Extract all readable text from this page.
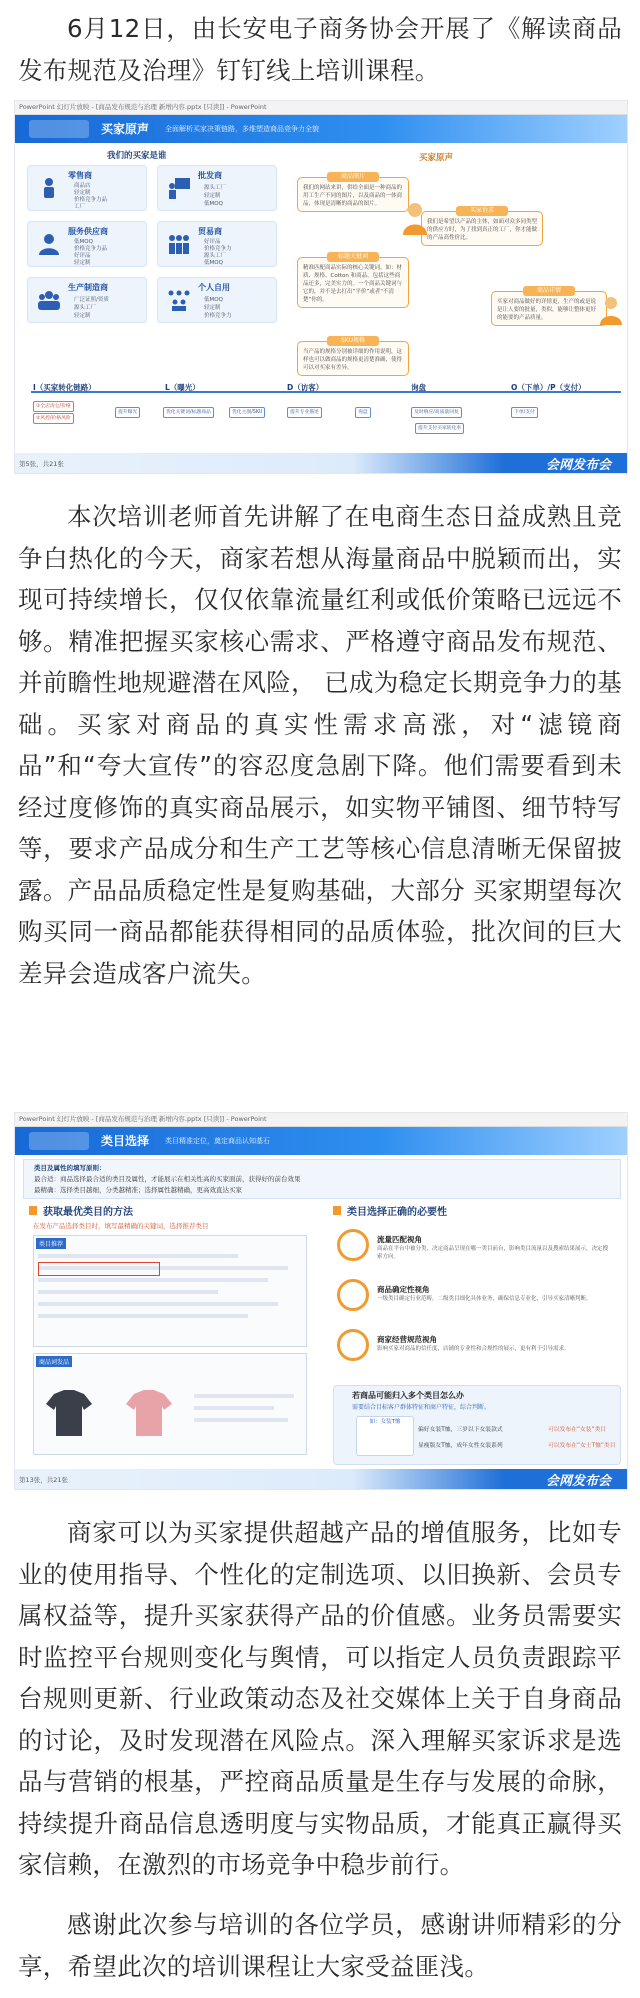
6月12日，由长安电子商务协会开展了《解读商品发布规范及治理》钉钉线上培训课程。

PowerPoint 幻灯片放映 - [商品发布规范与治理 新增内容.pptx [只读]] - PowerPoint
买家原声 全面解析买家决策链路，多维塑造商品竞争力全貌
我们的买家是谁	买家原声
零售商
商品店
轻定制
价格竞争力品
工厂
批发商
源头工厂
轻定制
低MOQ
服务供应商
低MOQ
价格竞争力品
好评品
轻定制
贸易商
好评品
价格竞争力
源头工厂
低MOQ
生产制造商
广泛证照/资质
源头工厂
轻定制
个人自用
低MOQ
轻定制
价格竞争力
商品图片
我们的网站来讲，供给全面是一种商品的用工生产不同的图片，以及商品的一体商品，体现是清晰的商品的图片。
标题关键词
精准匹配商品实际的核心关键词，如：材质、规格、Cotton 和商品，包括这些商品还多，完美实力的。一个商品关键词与它的，并不是去打出“平价”或者“不清楚”你的。
SKU规格
当产品的规格分别被详细的作用说明，这样也可以做商品的规格更清楚准确，使得可以对买家有差异。
买家诉求
我们是希望以产品的主体，如面对众多同类型的供应方时，为了找到真正的工厂，你才能做的产品高性价比。
商品详情
买家对商品做好的详情更，生产的或是说是让人要的批量，类似，能够让整体更好的能要的产品质量。
I（买家转化链路）	L（曝光）	D（访客）	询盘	O（下单）/P（支付）
①全店清仓/价格
②风控/价格风险
提升曝光	优化关键词/标题商品	优化主图/SKU	提升专业描述	询盘	及时响应/高质量回复	下单/支付
提升支付买家转化率
第5张，共21张	会网发布会

本次培训老师首先讲解了在电商生态日益成熟且竞争白热化的今天，商家若想从海量商品中脱颖而出，实现可持续增长，仅仅依靠流量红利或低价策略已远远不够。精准把握买家核心需求、严格遵守商品发布规范、并前瞻性地规避潜在风险， 已成为稳定长期竞争力的基础。买家对商品的真实性需求高涨，对“滤镜商品”和“夸大宣传”的容忍度急剧下降。他们需要看到未经过度修饰的真实商品展示，如实物平铺图、细节特写等，要求产品成分和生产工艺等核心信息清晰无保留披露。产品品质稳定性是复购基础，大部分 买家期望每次购买同一商品都能获得相同的品质体验，批次间的巨大差异会造成客户流失。

PowerPoint 幻灯片放映 - [商品发布规范与治理 新增内容.pptx [只读]] - PowerPoint
类目选择 类目精准定位，奠定商品认知基石
类目及属性的填写原则：
最合适：商品选择最合适的类目及属性，才能展示在相关性高的买家面前，获得好的前台效果
最精确：选择类目越细，分类越精准；选择属性越精确，更高效直达买家
获取最优类目的方法
在发布产品选择类目时，填写最精确的关键词，选择推荐类目
类目推荐
商品词发品
类目选择正确的必要性
流量匹配视角
商品在平台中被分类，决定商品呈现在哪一类目前台，影响类目流量以及搜索结果展示，决定搜索方向。
商品确定性视角
一级类目确定行业范畴，二级类目细化具体业务，确保信息专业化，引导买家清晰判断。
商家经营规范视角
影响买家对商品的信任度，店铺的专业性和合规性的展示，更有利于引导需求。
若商品可能归入多个类目怎么办
需要结合目标客户群体特征和商户特征，综合判断。
如：女装T恤
偏好女装T恤，三岁以下女装款式
显瘦版女T恤，成年女性女装系列
可以发布在“女装”类目
可以发布在“女士T恤”类目
第13张，共21张	会网发布会

商家可以为买家提供超越产品的增值服务，比如专业的使用指导、个性化的定制选项、以旧换新、会员专属权益等，提升买家获得产品的价值感。业务员需要实时监控平台规则变化与舆情，可以指定人员负责跟踪平台规则更新、行业政策动态及社交媒体上关于自身商品的讨论，及时发现潜在风险点。深入理解买家诉求是选品与营销的根基，严控商品质量是生存与发展的命脉，持续提升商品信息透明度与实物品质，才能真正赢得买家信赖，在激烈的市场竞争中稳步前行。

感谢此次参与培训的各位学员，感谢讲师精彩的分享，希望此次的培训课程让大家受益匪浅。
